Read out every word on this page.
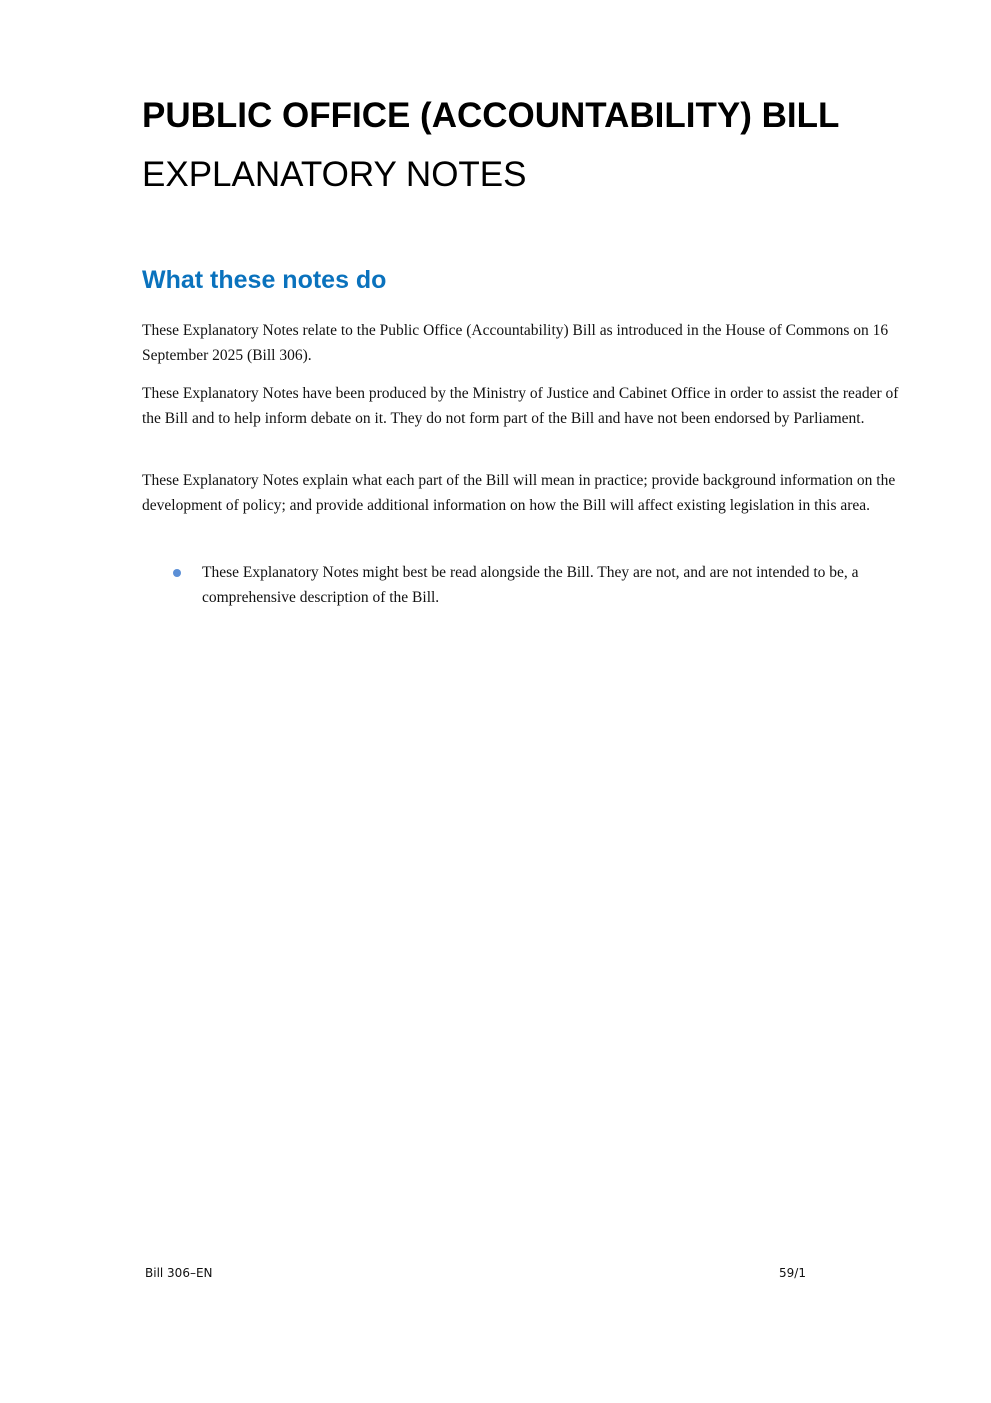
PUBLIC OFFICE (ACCOUNTABILITY) BILL
EXPLANATORY NOTES
What these notes do

These Explanatory Notes relate to the Public Office (Accountability) Bill as introduced in the House of Commons on 16 September 2025 (Bill 306).

These Explanatory Notes have been produced by the Ministry of Justice and Cabinet Office in order to assist the reader of the Bill and to help inform debate on it. They do not form part of the Bill and have not been endorsed by Parliament.

These Explanatory Notes explain what each part of the Bill will mean in practice; provide background information on the development of policy; and provide additional information on how the Bill will affect existing legislation in this area.

These Explanatory Notes might best be read alongside the Bill. They are not, and are not intended to be, a comprehensive description of the Bill.

Bill 306–EN	59/1
